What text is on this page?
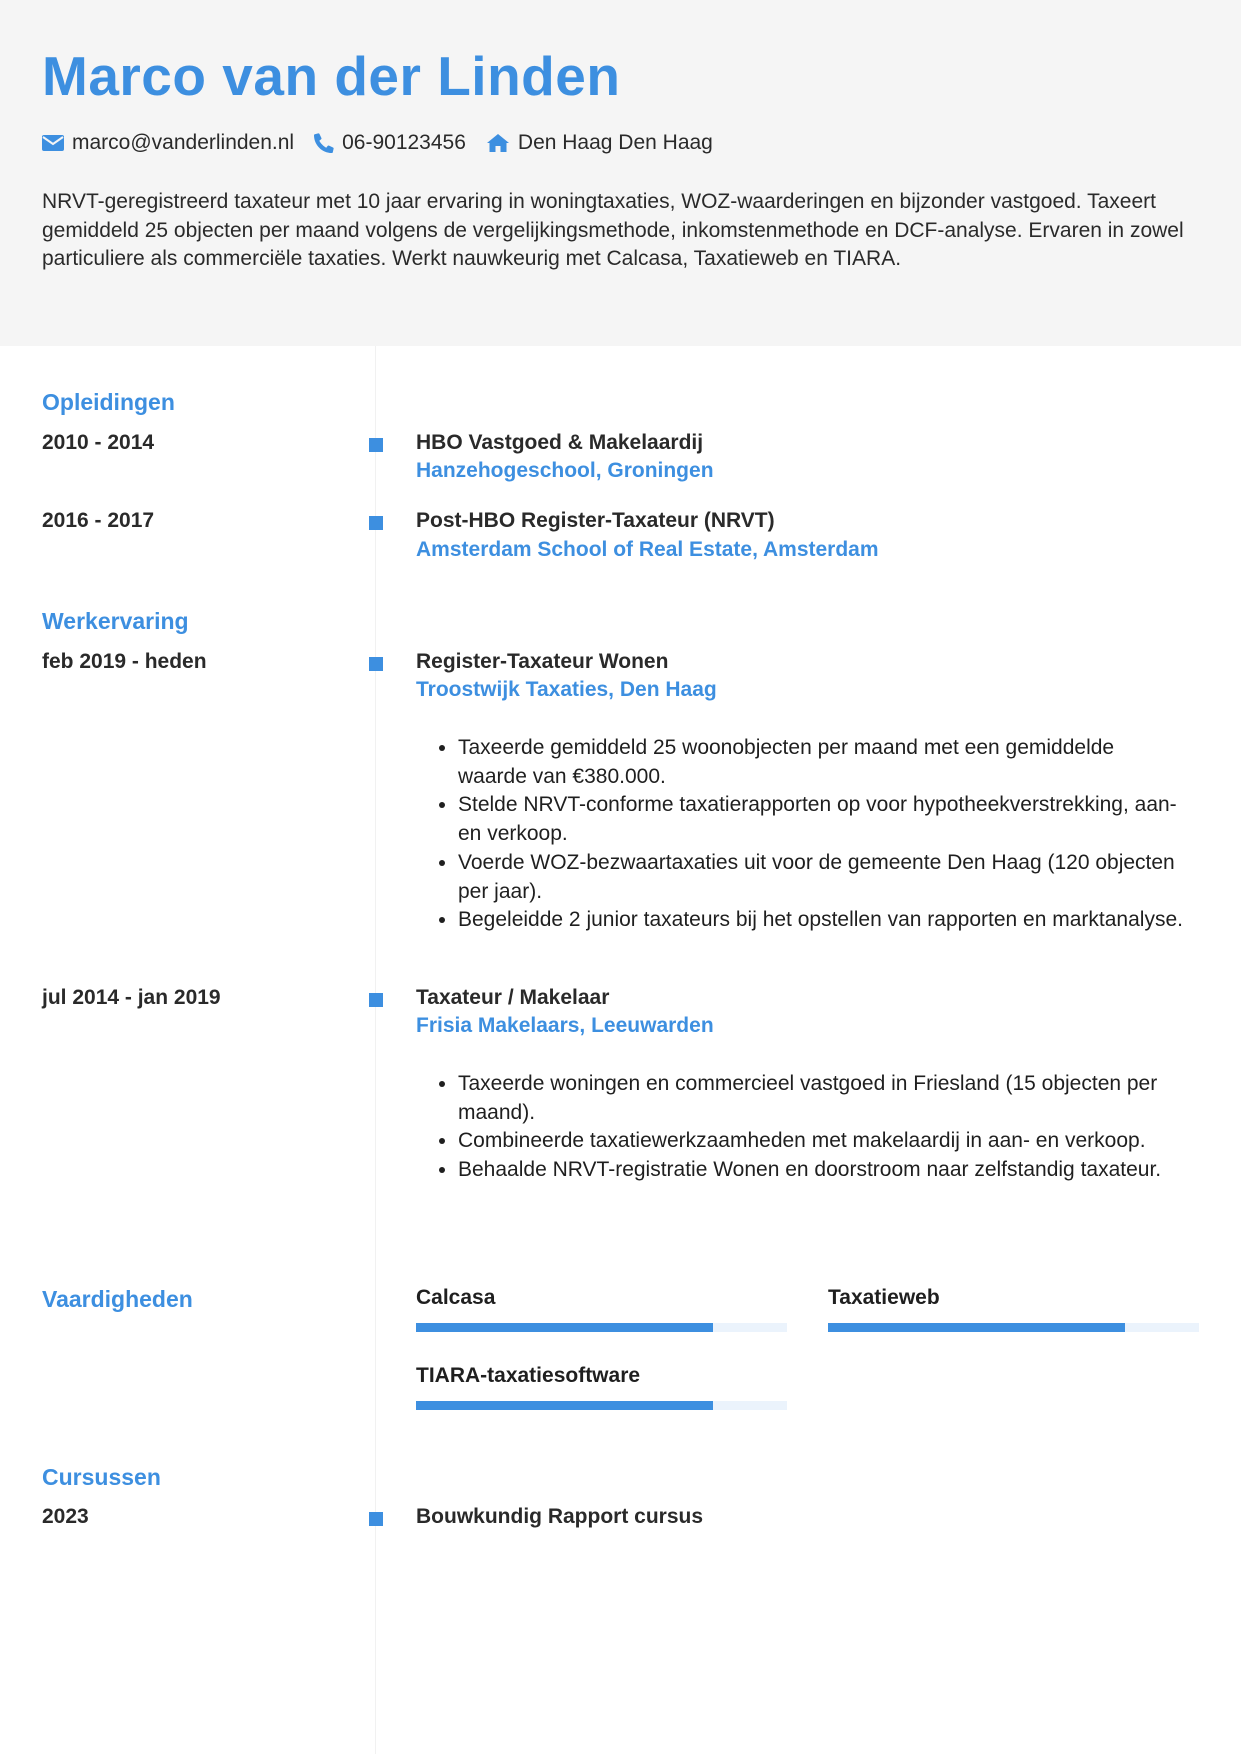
Marco van der Linden
marco@vanderlinden.nl 06-90123456 Den Haag Den Haag
NRVT-geregistreerd taxateur met 10 jaar ervaring in woningtaxaties, WOZ-waarderingen en bijzonder vastgoed. Taxeert gemiddeld 25 objecten per maand volgens de vergelijkingsmethode, inkomstenmethode en DCF-analyse. Ervaren in zowel particuliere als commerciële taxaties. Werkt nauwkeurig met Calcasa, Taxatieweb en TIARA.
Opleidingen
2010 - 2014	HBO Vastgoed & Makelaardij
Hanzehogeschool, Groningen
2016 - 2017	Post-HBO Register-Taxateur (NRVT)
Amsterdam School of Real Estate, Amsterdam
Werkervaring
feb 2019 - heden	Register-Taxateur Wonen
Troostwijk Taxaties, Den Haag
• Taxeerde gemiddeld 25 woonobjecten per maand met een gemiddelde waarde van €380.000.
• Stelde NRVT-conforme taxatierapporten op voor hypotheekverstrekking, aan- en verkoop.
• Voerde WOZ-bezwaartaxaties uit voor de gemeente Den Haag (120 objecten per jaar).
• Begeleidde 2 junior taxateurs bij het opstellen van rapporten en marktanalyse.
jul 2014 - jan 2019	Taxateur / Makelaar
Frisia Makelaars, Leeuwarden
• Taxeerde woningen en commercieel vastgoed in Friesland (15 objecten per maand).
• Combineerde taxatiewerkzaamheden met makelaardij in aan- en verkoop.
• Behaalde NRVT-registratie Wonen en doorstroom naar zelfstandig taxateur.
Vaardigheden	Calcasa	Taxatieweb
TIARA-taxatiesoftware
Cursussen
2023	Bouwkundig Rapport cursus
